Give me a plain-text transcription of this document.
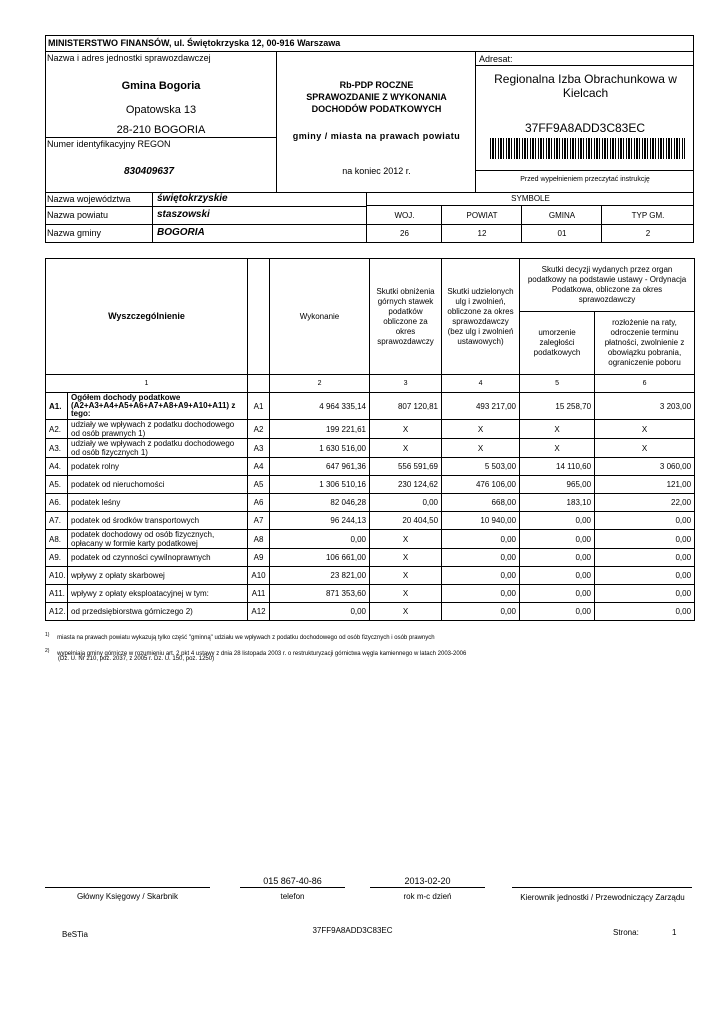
MINISTERSTWO FINANSÓW, ul. Świętokrzyska 12, 00-916 Warszawa
Nazwa i adres jednostki sprawozdawczej
Gmina Bogoria
Opatowska 13
28-210 BOGORIA
Numer identyfikacyjny REGON
830409637
Rb-PDP ROCZNE
SPRAWOZDANIE Z WYKONANIA
DOCHODÓW PODATKOWYCH
gminy / miasta na prawach powiatu
na koniec 2012 r.
Adresat:
Regionalna Izba Obrachunkowa w Kielcach
37FF9A8ADD3C83EC
Przed wypełnieniem przeczytać instrukcję
Nazwa województwa	świętokrzyskie
Nazwa powiatu	staszowski
Nazwa gminy	BOGORIA
SYMBOLE
WOJ.	POWIAT	GMINA	TYP GM.
26	12	01	2
Wyszczególnienie			Wykonanie	Skutki obniżenia górnych stawek podatków obliczone za okres sprawozdawczy	Skutki udzielonych ulg i zwolnień, obliczone za okres sprawozdawczy (bez ulg i zwolnień ustawowych)	Skutki decyzji wydanych przez organ podatkowy na podstawie ustawy - Ordynacja Podatkowa, obliczone za okres sprawozdawczy	
						umorzenie zaległości podatkowych	rozłożenie na raty, odroczenie terminu płatności, zwolnienie z obowiązku pobrania, ograniczenie poboru
1			2	3	4	5	6
A1.	Ogółem dochody podatkowe (A2+A3+A4+A5+A6+A7+A8+A9+A10+A11) z tego:	A1	4 964 335,14	807 120,81	493 217,00	15 258,70	3 203,00
A2.	udziały we wpływach z podatku dochodowego od osób prawnych 1)	A2	199 221,61	X	X	X	X
A3.	udziały we wpływach z podatku dochodowego od osób fizycznych 1)	A3	1 630 516,00	X	X	X	X
A4.	podatek rolny	A4	647 961,36	556 591,69	5 503,00	14 110,60	3 060,00
A5.	podatek od nieruchomości	A5	1 306 510,16	230 124,62	476 106,00	965,00	121,00
A6.	podatek leśny	A6	82 046,28	0,00	668,00	183,10	22,00
A7.	podatek od środków transportowych	A7	96 244,13	20 404,50	10 940,00	0,00	0,00
A8.	podatek dochodowy od osób fizycznych, opłacany w formie karty podatkowej	A8	0,00	X	0,00	0,00	0,00
A9.	podatek od czynności cywilnoprawnych	A9	106 661,00	X	0,00	0,00	0,00
A10.	wpływy z opłaty skarbowej	A10	23 821,00	X	0,00	0,00	0,00
A11.	wpływy z opłaty eksploatacyjnej w tym:	A11	871 353,60	X	0,00	0,00	0,00
A12.	od przedsiębiorstwa górniczego 2)	A12	0,00	X	0,00	0,00	0,00
$^{1)}$ miasta na prawach powiatu wykazują tylko część "gminną" udziału we wpływach z podatku dochodowego od osób fizycznych i osób prawnych
$^{2)}$ wypełniają gminy górnicze w rozumieniu art. 2 pkt 4 ustawy z dnia 28 listopada 2003 r. o restrukturyzacji górnictwa węgla kamiennego w latach 2003-2006
(Dz. U. Nr 210, poz. 2037, z 2005 r. Dz. U. 150, poz. 1250)
015 867-40-86	2013-02-20
Główny Księgowy / Skarbnik	telefon	rok m-c dzień	Kierownik jednostki / Przewodniczący Zarządu
BeSTia	37FF9A8ADD3C83EC	Strona:	1
